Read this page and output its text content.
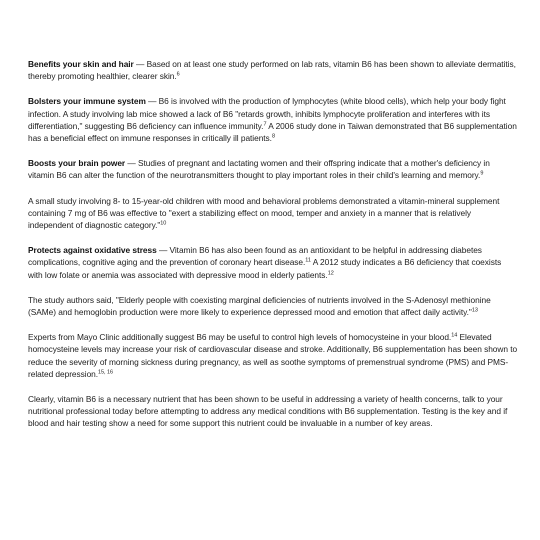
Benefits your skin and hair — Based on at least one study performed on lab rats, vitamin B6 has been shown to alleviate dermatitis, thereby promoting healthier, clearer skin.$^6$

Bolsters your immune system — B6 is involved with the production of lymphocytes (white blood cells), which help your body fight infection. A study involving lab mice showed a lack of B6 "retards growth, inhibits lymphocyte proliferation and interferes with its differentiation," suggesting B6 deficiency can influence immunity.$^7$ A 2006 study done in Taiwan demonstrated that B6 supplementation has a beneficial effect on immune responses in critically ill patients.$^8$

Boosts your brain power — Studies of pregnant and lactating women and their offspring indicate that a mother's deficiency in vitamin B6 can alter the function of the neurotransmitters thought to play important roles in their child's learning and memory.$^9$

A small study involving 8- to 15-year-old children with mood and behavioral problems demonstrated a vitamin-mineral supplement containing 7 mg of B6 was effective to "exert a stabilizing effect on mood, temper and anxiety in a manner that is relatively independent of diagnostic category."$^{10}$

Protects against oxidative stress — Vitamin B6 has also been found as an antioxidant to be helpful in addressing diabetes complications, cognitive aging and the prevention of coronary heart disease.$^{11}$ A 2012 study indicates a B6 deficiency that coexists with low folate or anemia was associated with depressive mood in elderly patients.$^{12}$

The study authors said, "Elderly people with coexisting marginal deficiencies of nutrients involved in the S-Adenosyl methionine (SAMe) and hemoglobin production were more likely to experience depressed mood and emotion that affect daily activity."$^{13}$

Experts from Mayo Clinic additionally suggest B6 may be useful to control high levels of homocysteine in your blood.$^{14}$ Elevated homocysteine levels may increase your risk of cardiovascular disease and stroke. Additionally, B6 supplementation has been shown to reduce the severity of morning sickness during pregnancy, as well as soothe symptoms of premenstrual syndrome (PMS) and PMS-related depression.$^{15, 16}$

Clearly, vitamin B6 is a necessary nutrient that has been shown to be useful in addressing a variety of health concerns, talk to your nutritional professional today before attempting to address any medical conditions with B6 supplementation. Testing is the key and if blood and hair testing show a need for some support this nutrient could be invaluable in a number of key areas.
